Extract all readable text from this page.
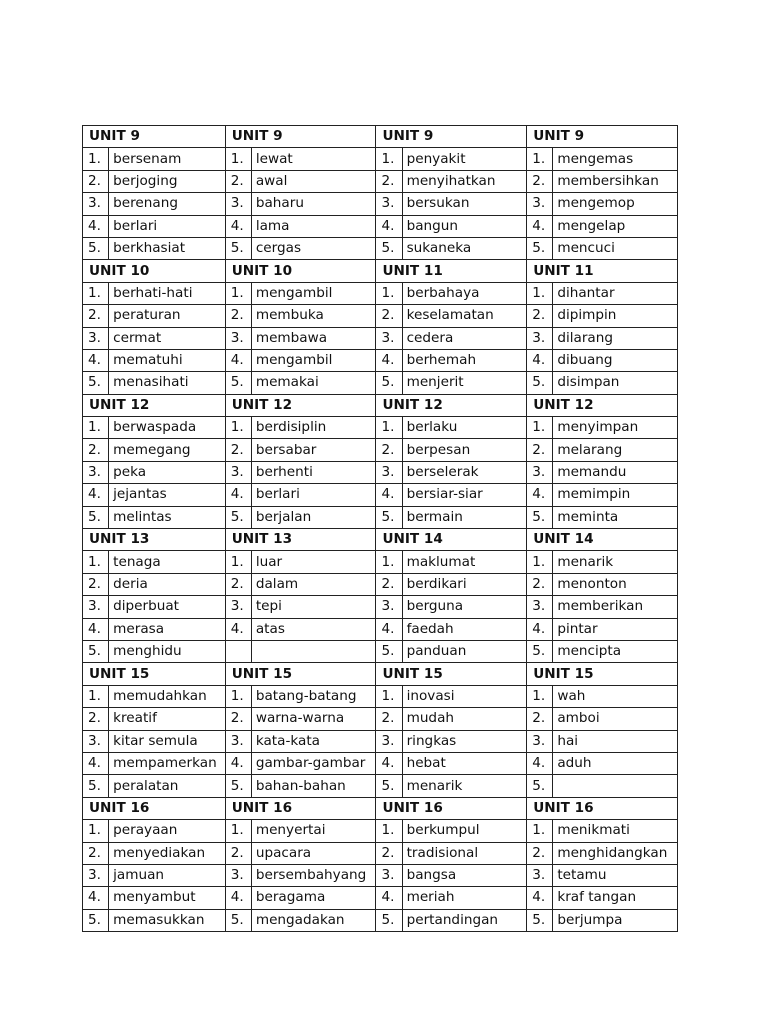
UNIT 9		UNIT 9		UNIT 9		UNIT 9	
1.	bersenam	1.	lewat	1.	penyakit	1.	mengemas
2.	berjoging	2.	awal	2.	menyihatkan	2.	membersihkan
3.	berenang	3.	baharu	3.	bersukan	3.	mengemop
4.	berlari	4.	lama	4.	bangun	4.	mengelap
5.	berkhasiat	5.	cergas	5.	sukaneka	5.	mencuci
UNIT 10		UNIT 10		UNIT 11		UNIT 11	
1.	berhati-hati	1.	mengambil	1.	berbahaya	1.	dihantar
2.	peraturan	2.	membuka	2.	keselamatan	2.	dipimpin
3.	cermat	3.	membawa	3.	cedera	3.	dilarang
4.	mematuhi	4.	mengambil	4.	berhemah	4.	dibuang
5.	menasihati	5.	memakai	5.	menjerit	5.	disimpan
UNIT 12		UNIT 12		UNIT 12		UNIT 12	
1.	berwaspada	1.	berdisiplin	1.	berlaku	1.	menyimpan
2.	memegang	2.	bersabar	2.	berpesan	2.	melarang
3.	peka	3.	berhenti	3.	berselerak	3.	memandu
4.	jejantas	4.	berlari	4.	bersiar-siar	4.	memimpin
5.	melintas	5.	berjalan	5.	bermain	5.	meminta
UNIT 13		UNIT 13		UNIT 14		UNIT 14	
1.	tenaga	1.	luar	1.	maklumat	1.	menarik
2.	deria	2.	dalam	2.	berdikari	2.	menonton
3.	diperbuat	3.	tepi	3.	berguna	3.	memberikan
4.	merasa	4.	atas	4.	faedah	4.	pintar
5.	menghidu			5.	panduan	5.	mencipta
UNIT 15		UNIT 15		UNIT 15		UNIT 15	
1.	memudahkan	1.	batang-batang	1.	inovasi	1.	wah
2.	kreatif	2.	warna-warna	2.	mudah	2.	amboi
3.	kitar semula	3.	kata-kata	3.	ringkas	3.	hai
4.	mempamerkan	4.	gambar-gambar	4.	hebat	4.	aduh
5.	peralatan	5.	bahan-bahan	5.	menarik	5.	
UNIT 16		UNIT 16		UNIT 16		UNIT 16	
1.	perayaan	1.	menyertai	1.	berkumpul	1.	menikmati
2.	menyediakan	2.	upacara	2.	tradisional	2.	menghidangkan
3.	jamuan	3.	bersembahyang	3.	bangsa	3.	tetamu
4.	menyambut	4.	beragama	4.	meriah	4.	kraf tangan
5.	memasukkan	5.	mengadakan	5.	pertandingan	5.	berjumpa
